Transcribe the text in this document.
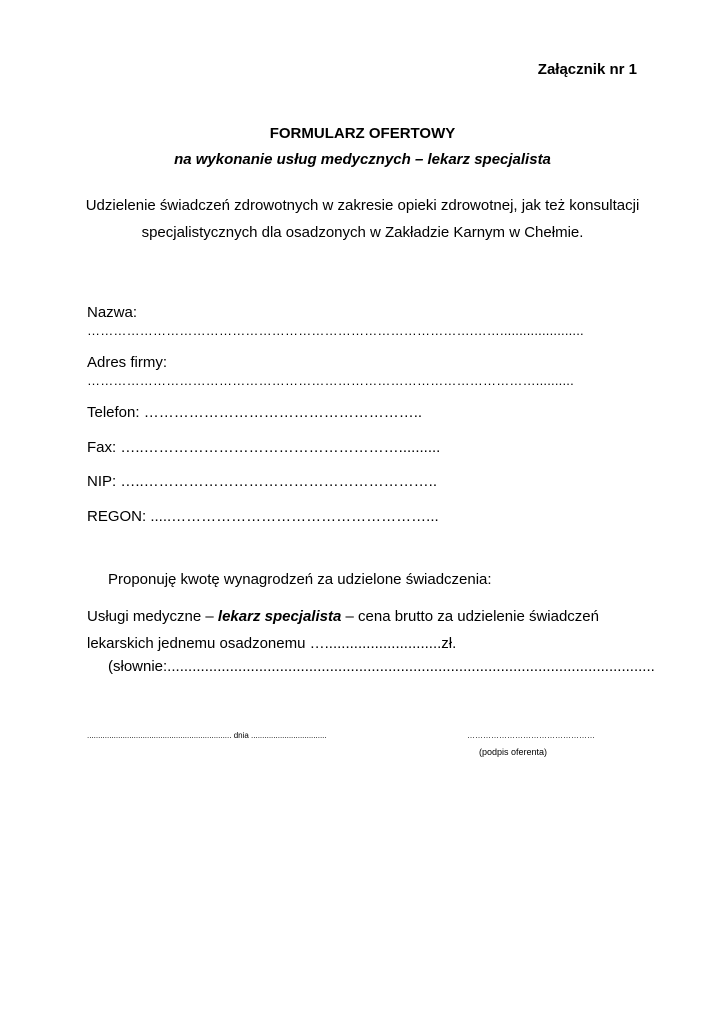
Załącznik nr 1
FORMULARZ OFERTOWY
na wykonanie usług medycznych – lekarz specjalista
Udzielenie świadczeń zdrowotnych w zakresie opieki zdrowotnej, jak też konsultacji
specjalistycznych dla osadzonych w Zakładzie Karnym w Chełmie.
Nazwa:
…………………………………………………………………………….……......................
Adres firmy:
…………………………………………………………………………………………..........
Telefon: ………………………………………………..
Fax: …..……………………………………………..........
NIP: …..…………………………………………………..
REGON: .....……………………………………………...
Proponuję kwotę wynagrodzeń za udzielone świadczenia:
Usługi medyczne – lekarz specjalista – cena brutto za udzielenie świadczeń
lekarskich jednemu osadzonemu …............................zł.
(słownie:.....................................................................................................................
................................................................. dnia ..................................	…………………………………………
(podpis oferenta)
